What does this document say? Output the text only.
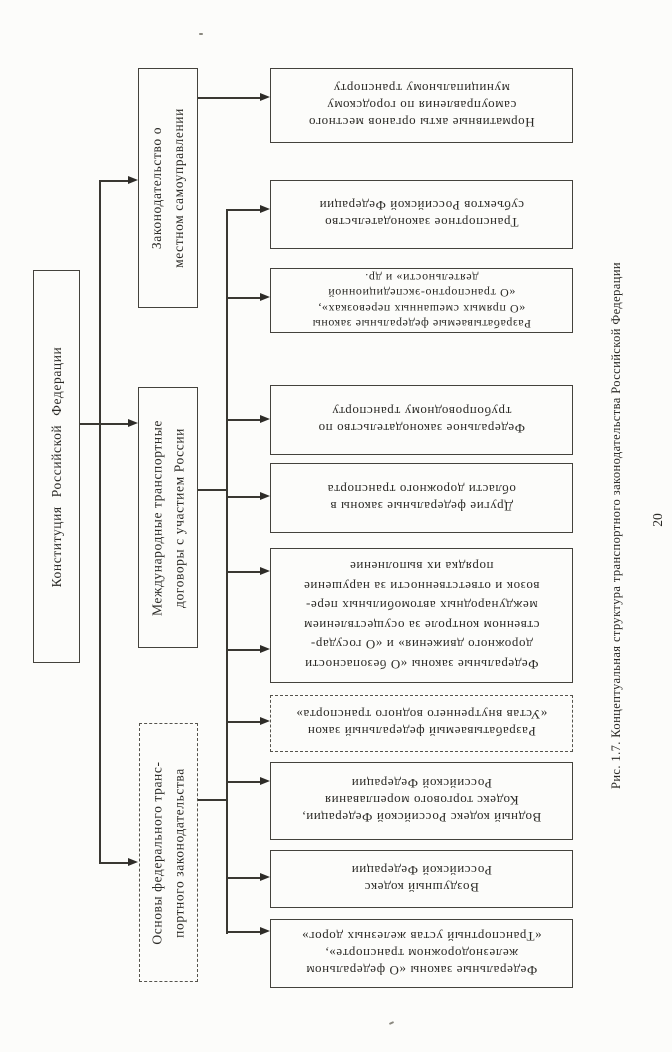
Конституция Российской Федерации
Законодательство о местном самоуправлении
Международные транспортные договоры с участием России
Основы федерального транс- портного законодательства
Нормативные акты органов местного
самоуправления по городскому
муниципальному транспорту
Транспортное законодательство
субъектов Российской Федерации
Разрабатываемые федеральные законы
«О прямых смешанных перевозках»,
«О транспортно-экспедиционной
деятельности» и др.
Федеральное законодательство по
трубопроводному транспорту
Другие федеральные законы в
области дорожного транспорта
Федеральные законы «О безопасности
дорожного движения» и «О государ-
ственном контроле за осуществлением
международных автомобильных пере-
возок и ответственности за нарушение
порядка их выполнение
Разрабатываемый федеральный закон
«Устав внутреннего водного транспорта»
Водный кодекс Российской Федерации,
Кодекс торгового мореплавания
Российской Федерации
Воздушный кодекс
Российской Федерации
Федеральные законы «О федеральном
железнодорожном транспорте»,
«Транспортный устав железных дорог»
Рис. 1.7. Концептуальная структура транспортного законодательства Российской Федерации 20
